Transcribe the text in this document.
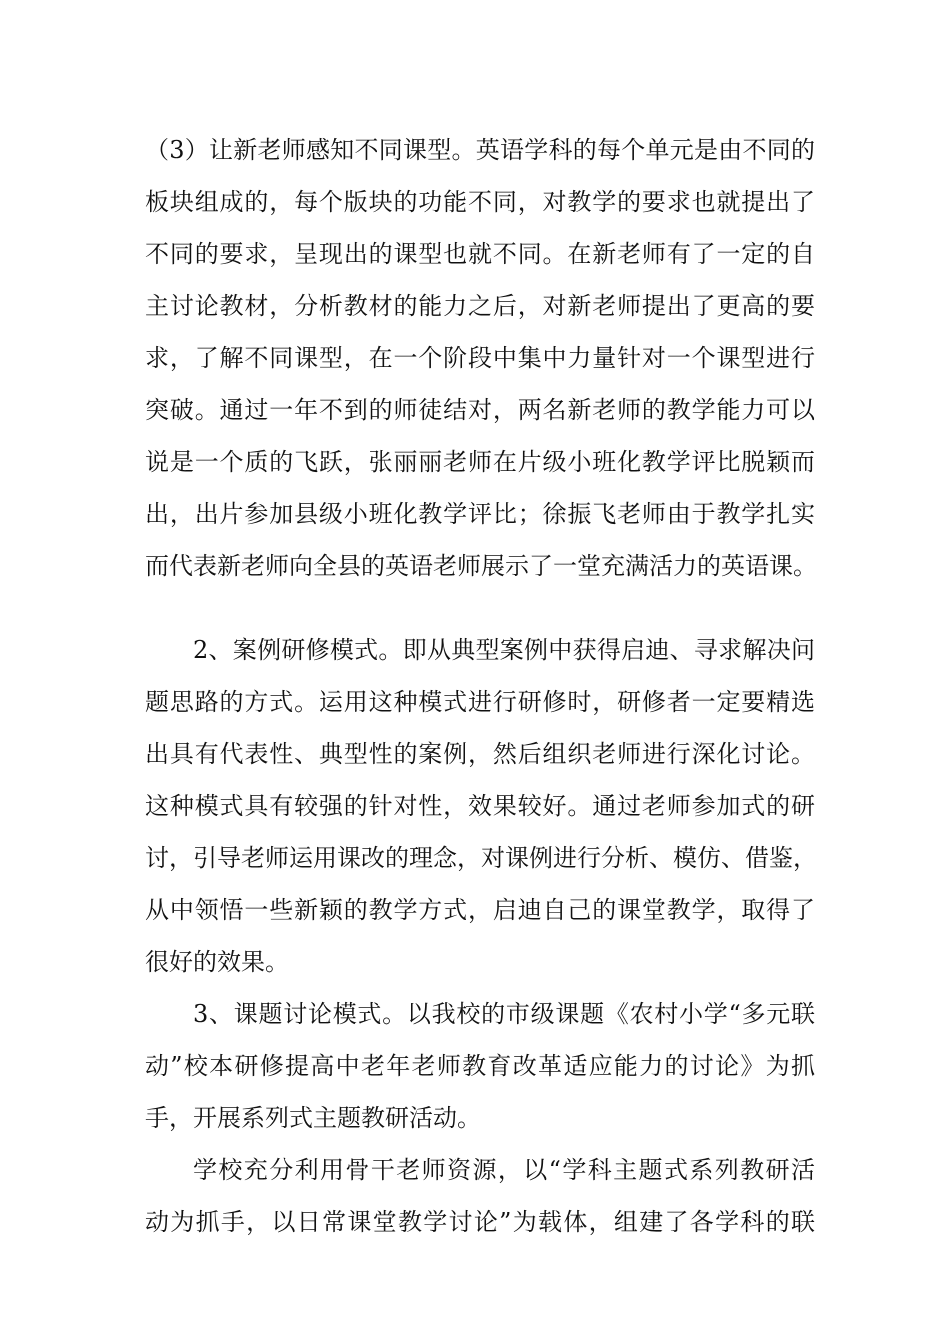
（3）让新老师感知不同课型。英语学科的每个单元是由不同的
板块组成的，每个版块的功能不同，对教学的要求也就提出了
不同的要求，呈现出的课型也就不同。在新老师有了一定的自
主讨论教材，分析教材的能力之后，对新老师提出了更高的要
求，了解不同课型，在一个阶段中集中力量针对一个课型进行
突破。通过一年不到的师徒结对，两名新老师的教学能力可以
说是一个质的飞跃，张丽丽老师在片级小班化教学评比脱颖而
出，出片参加县级小班化教学评比；徐振飞老师由于教学扎实
而代表新老师向全县的英语老师展示了一堂充满活力的英语课。
2、案例研修模式。即从典型案例中获得启迪、寻求解决问
题思路的方式。运用这种模式进行研修时，研修者一定要精选
出具有代表性、典型性的案例，然后组织老师进行深化讨论。
这种模式具有较强的针对性，效果较好。通过老师参加式的研
讨，引导老师运用课改的理念，对课例进行分析、模仿、借鉴，
从中领悟一些新颖的教学方式，启迪自己的课堂教学，取得了
很好的效果。
3、课题讨论模式。以我校的市级课题《农村小学“多元联
动”校本研修提高中老年老师教育改革适应能力的讨论》为抓
手，开展系列式主题教研活动。
学校充分利用骨干老师资源，以“学科主题式系列教研活
动为抓手，以日常课堂教学讨论”为载体，组建了各学科的联
